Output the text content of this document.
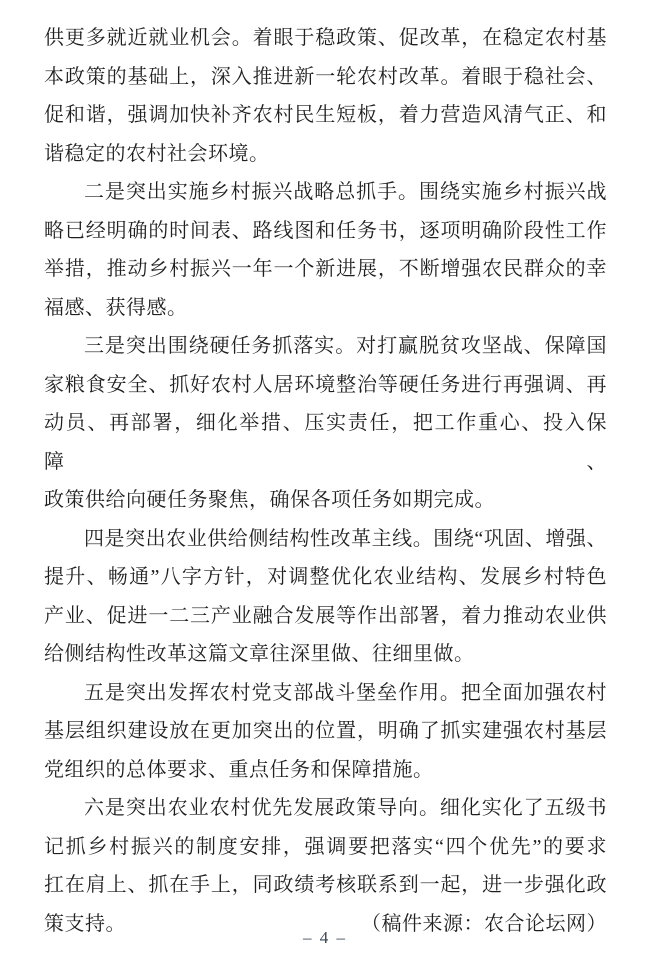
供更多就近就业机会。着眼于稳政策、促改革，在稳定农村基
本政策的基础上，深入推进新一轮农村改革。着眼于稳社会、
促和谐，强调加快补齐农村民生短板，着力营造风清气正、和
谐稳定的农村社会环境。
二是突出实施乡村振兴战略总抓手。围绕实施乡村振兴战
略已经明确的时间表、路线图和任务书，逐项明确阶段性工作
举措，推动乡村振兴一年一个新进展，不断增强农民群众的幸
福感、获得感。
三是突出围绕硬任务抓落实。对打赢脱贫攻坚战、保障国
家粮食安全、抓好农村人居环境整治等硬任务进行再强调、再
动员、再部署，细化举措、压实责任，把工作重心、投入保障、
政策供给向硬任务聚焦，确保各项任务如期完成。
四是突出农业供给侧结构性改革主线。围绕“巩固、增强、
提升、畅通”八字方针，对调整优化农业结构、发展乡村特色
产业、促进一二三产业融合发展等作出部署，着力推动农业供
给侧结构性改革这篇文章往深里做、往细里做。
五是突出发挥农村党支部战斗堡垒作用。把全面加强农村
基层组织建设放在更加突出的位置，明确了抓实建强农村基层
党组织的总体要求、重点任务和保障措施。
六是突出农业农村优先发展政策导向。细化实化了五级书
记抓乡村振兴的制度安排，强调要把落实“四个优先”的要求
扛在肩上、抓在手上，同政绩考核联系到一起，进一步强化政
策支持。	（稿件来源：农合论坛网）
– 4 –
